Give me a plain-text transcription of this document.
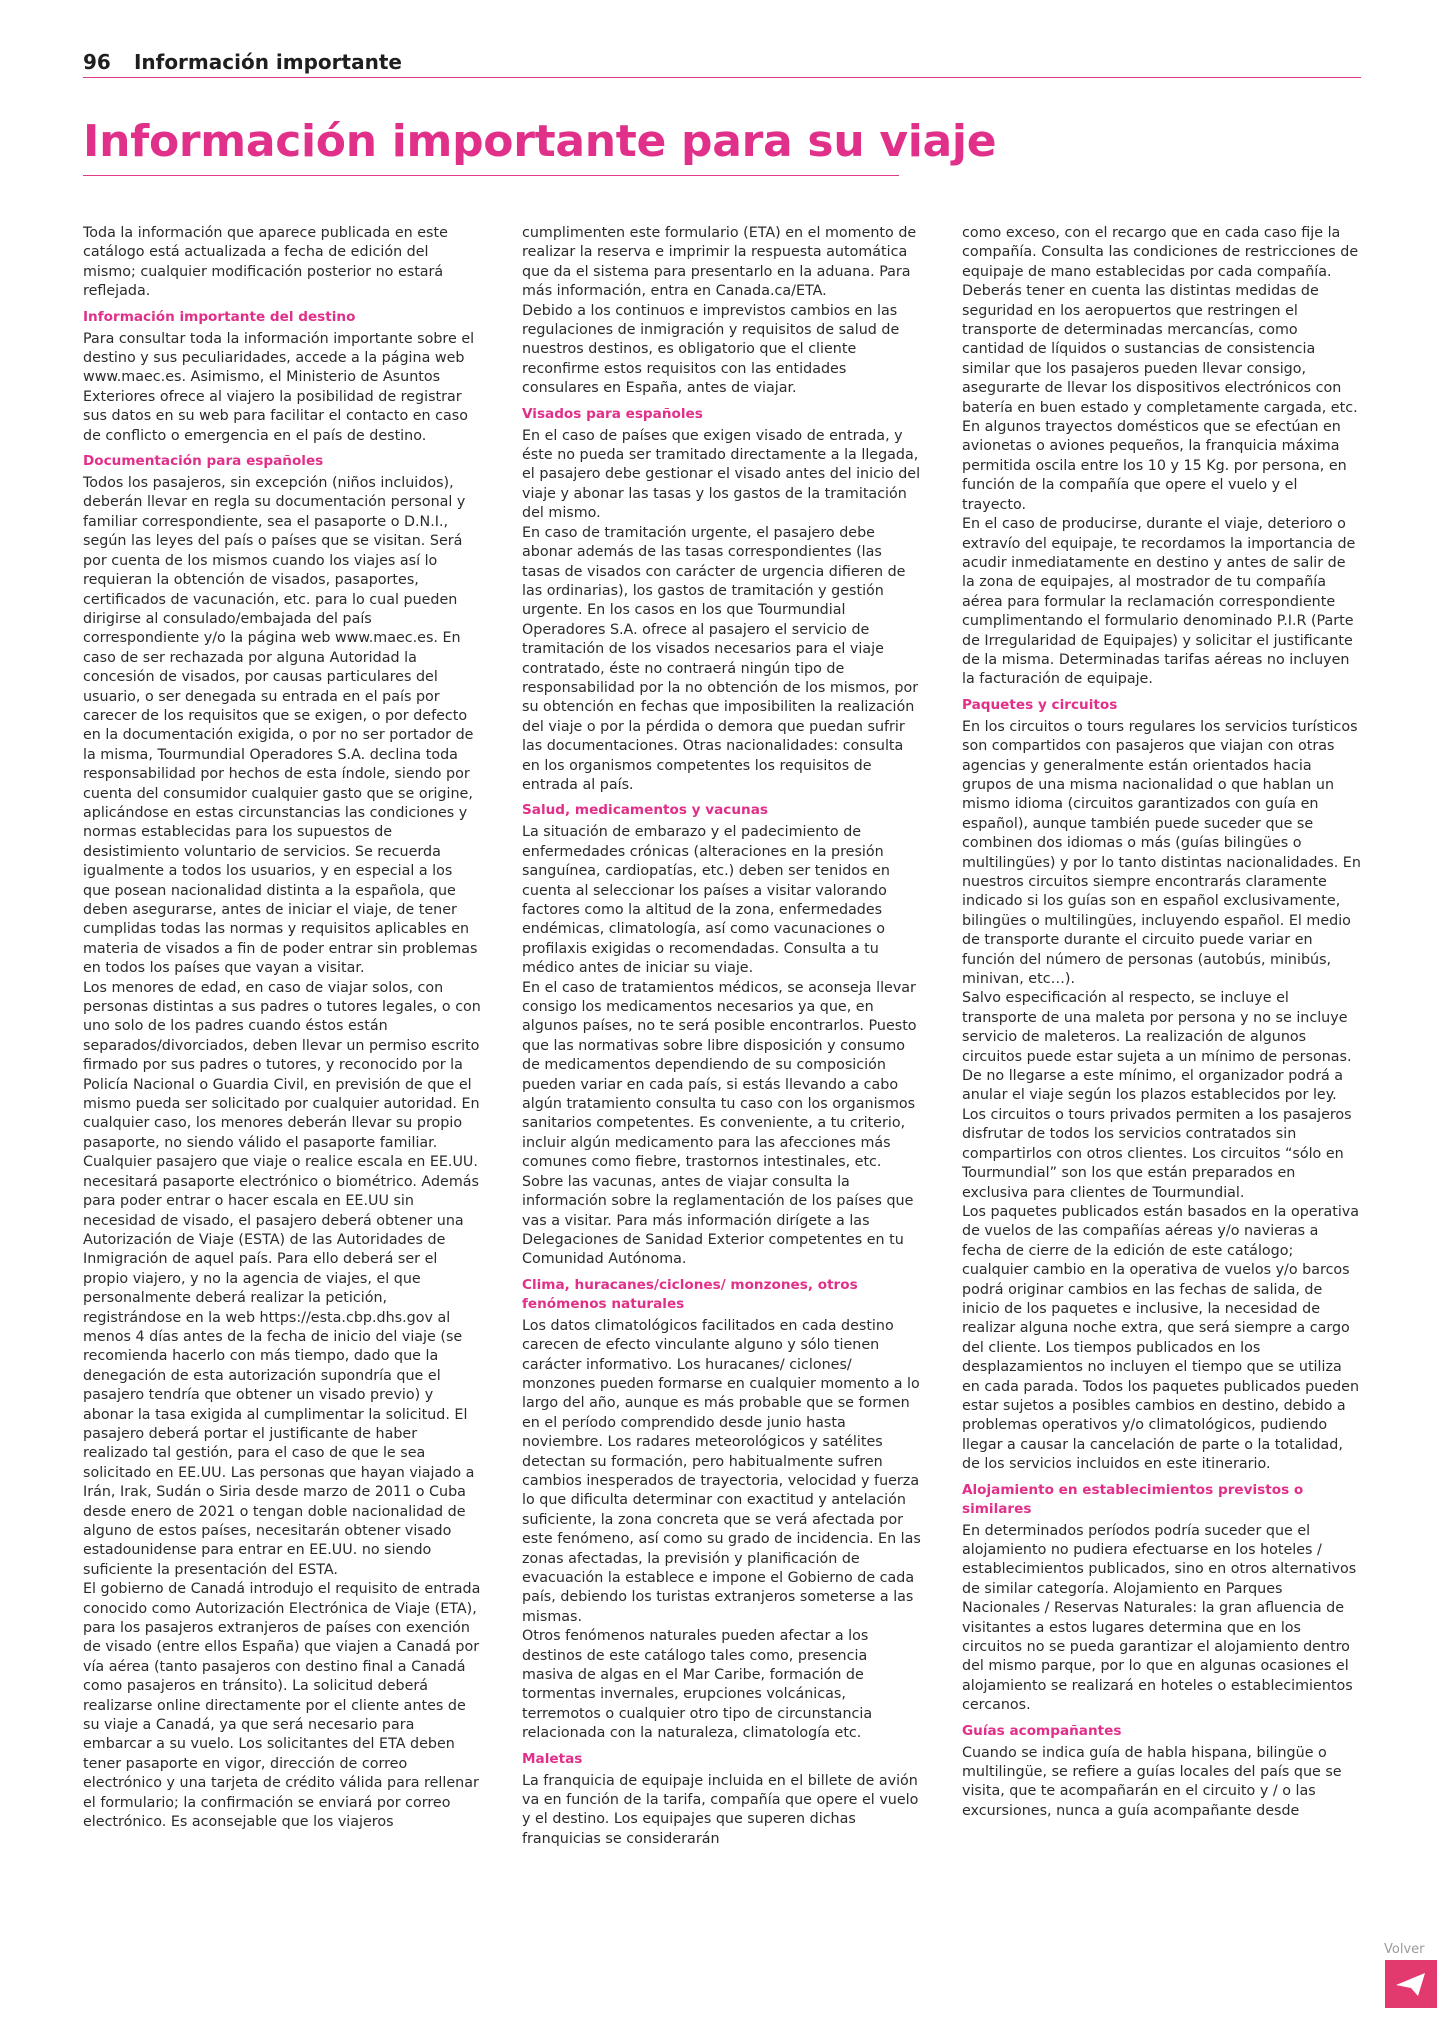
96 Información importante
Información importante para su viaje

Toda la información que aparece publicada en este catálogo está actualizada a fecha de edición del mismo; cualquier modificación posterior no estará reflejada.

Información importante del destino

Para consultar toda la información importante sobre el destino y sus peculiaridades, accede a la página web www.maec.es. Asimismo, el Ministerio de Asuntos Exteriores ofrece al viajero la posibilidad de registrar sus datos en su web para facilitar el contacto en caso de conflicto o emergencia en el país de destino.

Documentación para españoles

Todos los pasajeros, sin excepción (niños incluidos), deberán llevar en regla su documentación personal y familiar correspondiente, sea el pasaporte o D.N.I., según las leyes del país o países que se visitan. Será por cuenta de los mismos cuando los viajes así lo requieran la obtención de visados, pasaportes, certificados de vacunación, etc. para lo cual pueden dirigirse al consulado/embajada del país correspondiente y/o la página web www.maec.es. En caso de ser rechazada por alguna Autoridad la concesión de visados, por causas particulares del usuario, o ser denegada su entrada en el país por carecer de los requisitos que se exigen, o por defecto en la documentación exigida, o por no ser portador de la misma, Tourmundial Operadores S.A. declina toda responsabilidad por hechos de esta índole, siendo por cuenta del consumidor cualquier gasto que se origine, aplicándose en estas circunstancias las condiciones y normas establecidas para los supuestos de desistimiento voluntario de servicios. Se recuerda igualmente a todos los usuarios, y en especial a los que posean nacionalidad distinta a la española, que deben asegurarse, antes de iniciar el viaje, de tener cumplidas todas las normas y requisitos aplicables en materia de visados a fin de poder entrar sin problemas en todos los países que vayan a visitar.

Los menores de edad, en caso de viajar solos, con personas distintas a sus padres o tutores legales, o con uno solo de los padres cuando éstos están separados/divorciados, deben llevar un permiso escrito firmado por sus padres o tutores, y reconocido por la Policía Nacional o Guardia Civil, en previsión de que el mismo pueda ser solicitado por cualquier autoridad. En cualquier caso, los menores deberán llevar su propio pasaporte, no siendo válido el pasaporte familiar.

Cualquier pasajero que viaje o realice escala en EE.UU. necesitará pasaporte electrónico o biométrico. Además para poder entrar o hacer escala en EE.UU sin necesidad de visado, el pasajero deberá obtener una Autorización de Viaje (ESTA) de las Autoridades de Inmigración de aquel país. Para ello deberá ser el propio viajero, y no la agencia de viajes, el que personalmente deberá realizar la petición, registrándose en la web https://esta.cbp.dhs.gov al menos 4 días antes de la fecha de inicio del viaje (se recomienda hacerlo con más tiempo, dado que la denegación de esta autorización supondría que el pasajero tendría que obtener un visado previo) y abonar la tasa exigida al cumplimentar la solicitud. El pasajero deberá portar el justificante de haber realizado tal gestión, para el caso de que le sea solicitado en EE.UU. Las personas que hayan viajado a Irán, Irak, Sudán o Siria desde marzo de 2011 o Cuba desde enero de 2021 o tengan doble nacionalidad de alguno de estos países, necesitarán obtener visado estadounidense para entrar en EE.UU. no siendo suficiente la presentación del ESTA.

El gobierno de Canadá introdujo el requisito de entrada conocido como Autorización Electrónica de Viaje (ETA), para los pasajeros extranjeros de países con exención de visado (entre ellos España) que viajen a Canadá por vía aérea (tanto pasajeros con destino final a Canadá como pasajeros en tránsito). La solicitud deberá realizarse online directamente por el cliente antes de su viaje a Canadá, ya que será necesario para embarcar a su vuelo. Los solicitantes del ETA deben tener pasaporte en vigor, dirección de correo electrónico y una tarjeta de crédito válida para rellenar el formulario; la confirmación se enviará por correo electrónico. Es aconsejable que los viajeros

cumplimenten este formulario (ETA) en el momento de realizar la reserva e imprimir la respuesta automática que da el sistema para presentarlo en la aduana. Para más información, entra en Canada.ca/ETA.

Debido a los continuos e imprevistos cambios en las regulaciones de inmigración y requisitos de salud de nuestros destinos, es obligatorio que el cliente reconfirme estos requisitos con las entidades consulares en España, antes de viajar.

Visados para españoles

En el caso de países que exigen visado de entrada, y éste no pueda ser tramitado directamente a la llegada, el pasajero debe gestionar el visado antes del inicio del viaje y abonar las tasas y los gastos de la tramitación del mismo.

En caso de tramitación urgente, el pasajero debe abonar además de las tasas correspondientes (las tasas de visados con carácter de urgencia difieren de las ordinarias), los gastos de tramitación y gestión urgente. En los casos en los que Tourmundial Operadores S.A. ofrece al pasajero el servicio de tramitación de los visados necesarios para el viaje contratado, éste no contraerá ningún tipo de responsabilidad por la no obtención de los mismos, por su obtención en fechas que imposibiliten la realización del viaje o por la pérdida o demora que puedan sufrir las documentaciones. Otras nacionalidades: consulta en los organismos competentes los requisitos de entrada al país.

Salud, medicamentos y vacunas

La situación de embarazo y el padecimiento de enfermedades crónicas (alteraciones en la presión sanguínea, cardiopatías, etc.) deben ser tenidos en cuenta al seleccionar los países a visitar valorando factores como la altitud de la zona, enfermedades endémicas, climatología, así como vacunaciones o profilaxis exigidas o recomendadas. Consulta a tu médico antes de iniciar su viaje.

En el caso de tratamientos médicos, se aconseja llevar consigo los medicamentos necesarios ya que, en algunos países, no te será posible encontrarlos. Puesto que las normativas sobre libre disposición y consumo de medicamentos dependiendo de su composición pueden variar en cada país, si estás llevando a cabo algún tratamiento consulta tu caso con los organismos sanitarios competentes. Es conveniente, a tu criterio, incluir algún medicamento para las afecciones más comunes como fiebre, trastornos intestinales, etc.

Sobre las vacunas, antes de viajar consulta la información sobre la reglamentación de los países que vas a visitar. Para más información dirígete a las Delegaciones de Sanidad Exterior competentes en tu Comunidad Autónoma.

Clima, huracanes/ciclones/ monzones, otros fenómenos naturales

Los datos climatológicos facilitados en cada destino carecen de efecto vinculante alguno y sólo tienen carácter informativo. Los huracanes/ ciclones/ monzones pueden formarse en cualquier momento a lo largo del año, aunque es más probable que se formen en el período comprendido desde junio hasta noviembre. Los radares meteorológicos y satélites detectan su formación, pero habitualmente sufren cambios inesperados de trayectoria, velocidad y fuerza lo que dificulta determinar con exactitud y antelación suficiente, la zona concreta que se verá afectada por este fenómeno, así como su grado de incidencia. En las zonas afectadas, la previsión y planificación de evacuación la establece e impone el Gobierno de cada país, debiendo los turistas extranjeros someterse a las mismas.

Otros fenómenos naturales pueden afectar a los destinos de este catálogo tales como, presencia masiva de algas en el Mar Caribe, formación de tormentas invernales, erupciones volcánicas, terremotos o cualquier otro tipo de circunstancia relacionada con la naturaleza, climatología etc.

Maletas

La franquicia de equipaje incluida en el billete de avión va en función de la tarifa, compañía que opere el vuelo y el destino. Los equipajes que superen dichas franquicias se considerarán

como exceso, con el recargo que en cada caso fije la compañía. Consulta las condiciones de restricciones de equipaje de mano establecidas por cada compañía. Deberás tener en cuenta las distintas medidas de seguridad en los aeropuertos que restringen el transporte de determinadas mercancías, como cantidad de líquidos o sustancias de consistencia similar que los pasajeros pueden llevar consigo, asegurarte de llevar los dispositivos electrónicos con batería en buen estado y completamente cargada, etc.

En algunos trayectos domésticos que se efectúan en avionetas o aviones pequeños, la franquicia máxima permitida oscila entre los 10 y 15 Kg. por persona, en función de la compañía que opere el vuelo y el trayecto.

En el caso de producirse, durante el viaje, deterioro o extravío del equipaje, te recordamos la importancia de acudir inmediatamente en destino y antes de salir de la zona de equipajes, al mostrador de tu compañía aérea para formular la reclamación correspondiente cumplimentando el formulario denominado P.I.R (Parte de Irregularidad de Equipajes) y solicitar el justificante de la misma. Determinadas tarifas aéreas no incluyen la facturación de equipaje.

Paquetes y circuitos

En los circuitos o tours regulares los servicios turísticos son compartidos con pasajeros que viajan con otras agencias y generalmente están orientados hacia grupos de una misma nacionalidad o que hablan un mismo idioma (circuitos garantizados con guía en español), aunque también puede suceder que se combinen dos idiomas o más (guías bilingües o multilingües) y por lo tanto distintas nacionalidades. En nuestros circuitos siempre encontrarás claramente indicado si los guías son en español exclusivamente, bilingües o multilingües, incluyendo español. El medio de transporte durante el circuito puede variar en función del número de personas (autobús, minibús, minivan, etc…).

Salvo especificación al respecto, se incluye el transporte de una maleta por persona y no se incluye servicio de maleteros. La realización de algunos circuitos puede estar sujeta a un mínimo de personas. De no llegarse a este mínimo, el organizador podrá a anular el viaje según los plazos establecidos por ley.

Los circuitos o tours privados permiten a los pasajeros disfrutar de todos los servicios contratados sin compartirlos con otros clientes. Los circuitos “sólo en Tourmundial” son los que están preparados en exclusiva para clientes de Tourmundial.

Los paquetes publicados están basados en la operativa de vuelos de las compañías aéreas y/o navieras a fecha de cierre de la edición de este catálogo; cualquier cambio en la operativa de vuelos y/o barcos podrá originar cambios en las fechas de salida, de inicio de los paquetes e inclusive, la necesidad de realizar alguna noche extra, que será siempre a cargo del cliente. Los tiempos publicados en los desplazamientos no incluyen el tiempo que se utiliza en cada parada. Todos los paquetes publicados pueden estar sujetos a posibles cambios en destino, debido a problemas operativos y/o climatológicos, pudiendo llegar a causar la cancelación de parte o la totalidad, de los servicios incluidos en este itinerario.

Alojamiento en establecimientos previstos o similares

En determinados períodos podría suceder que el alojamiento no pudiera efectuarse en los hoteles / establecimientos publicados, sino en otros alternativos de similar categoría. Alojamiento en Parques Nacionales / Reservas Naturales: la gran afluencia de visitantes a estos lugares determina que en los circuitos no se pueda garantizar el alojamiento dentro del mismo parque, por lo que en algunas ocasiones el alojamiento se realizará en hoteles o establecimientos cercanos.

Guías acompañantes

Cuando se indica guía de habla hispana, bilingüe o multilingüe, se refiere a guías locales del país que se visita, que te acompañarán en el circuito y / o las excursiones, nunca a guía acompañante desde

Volver
